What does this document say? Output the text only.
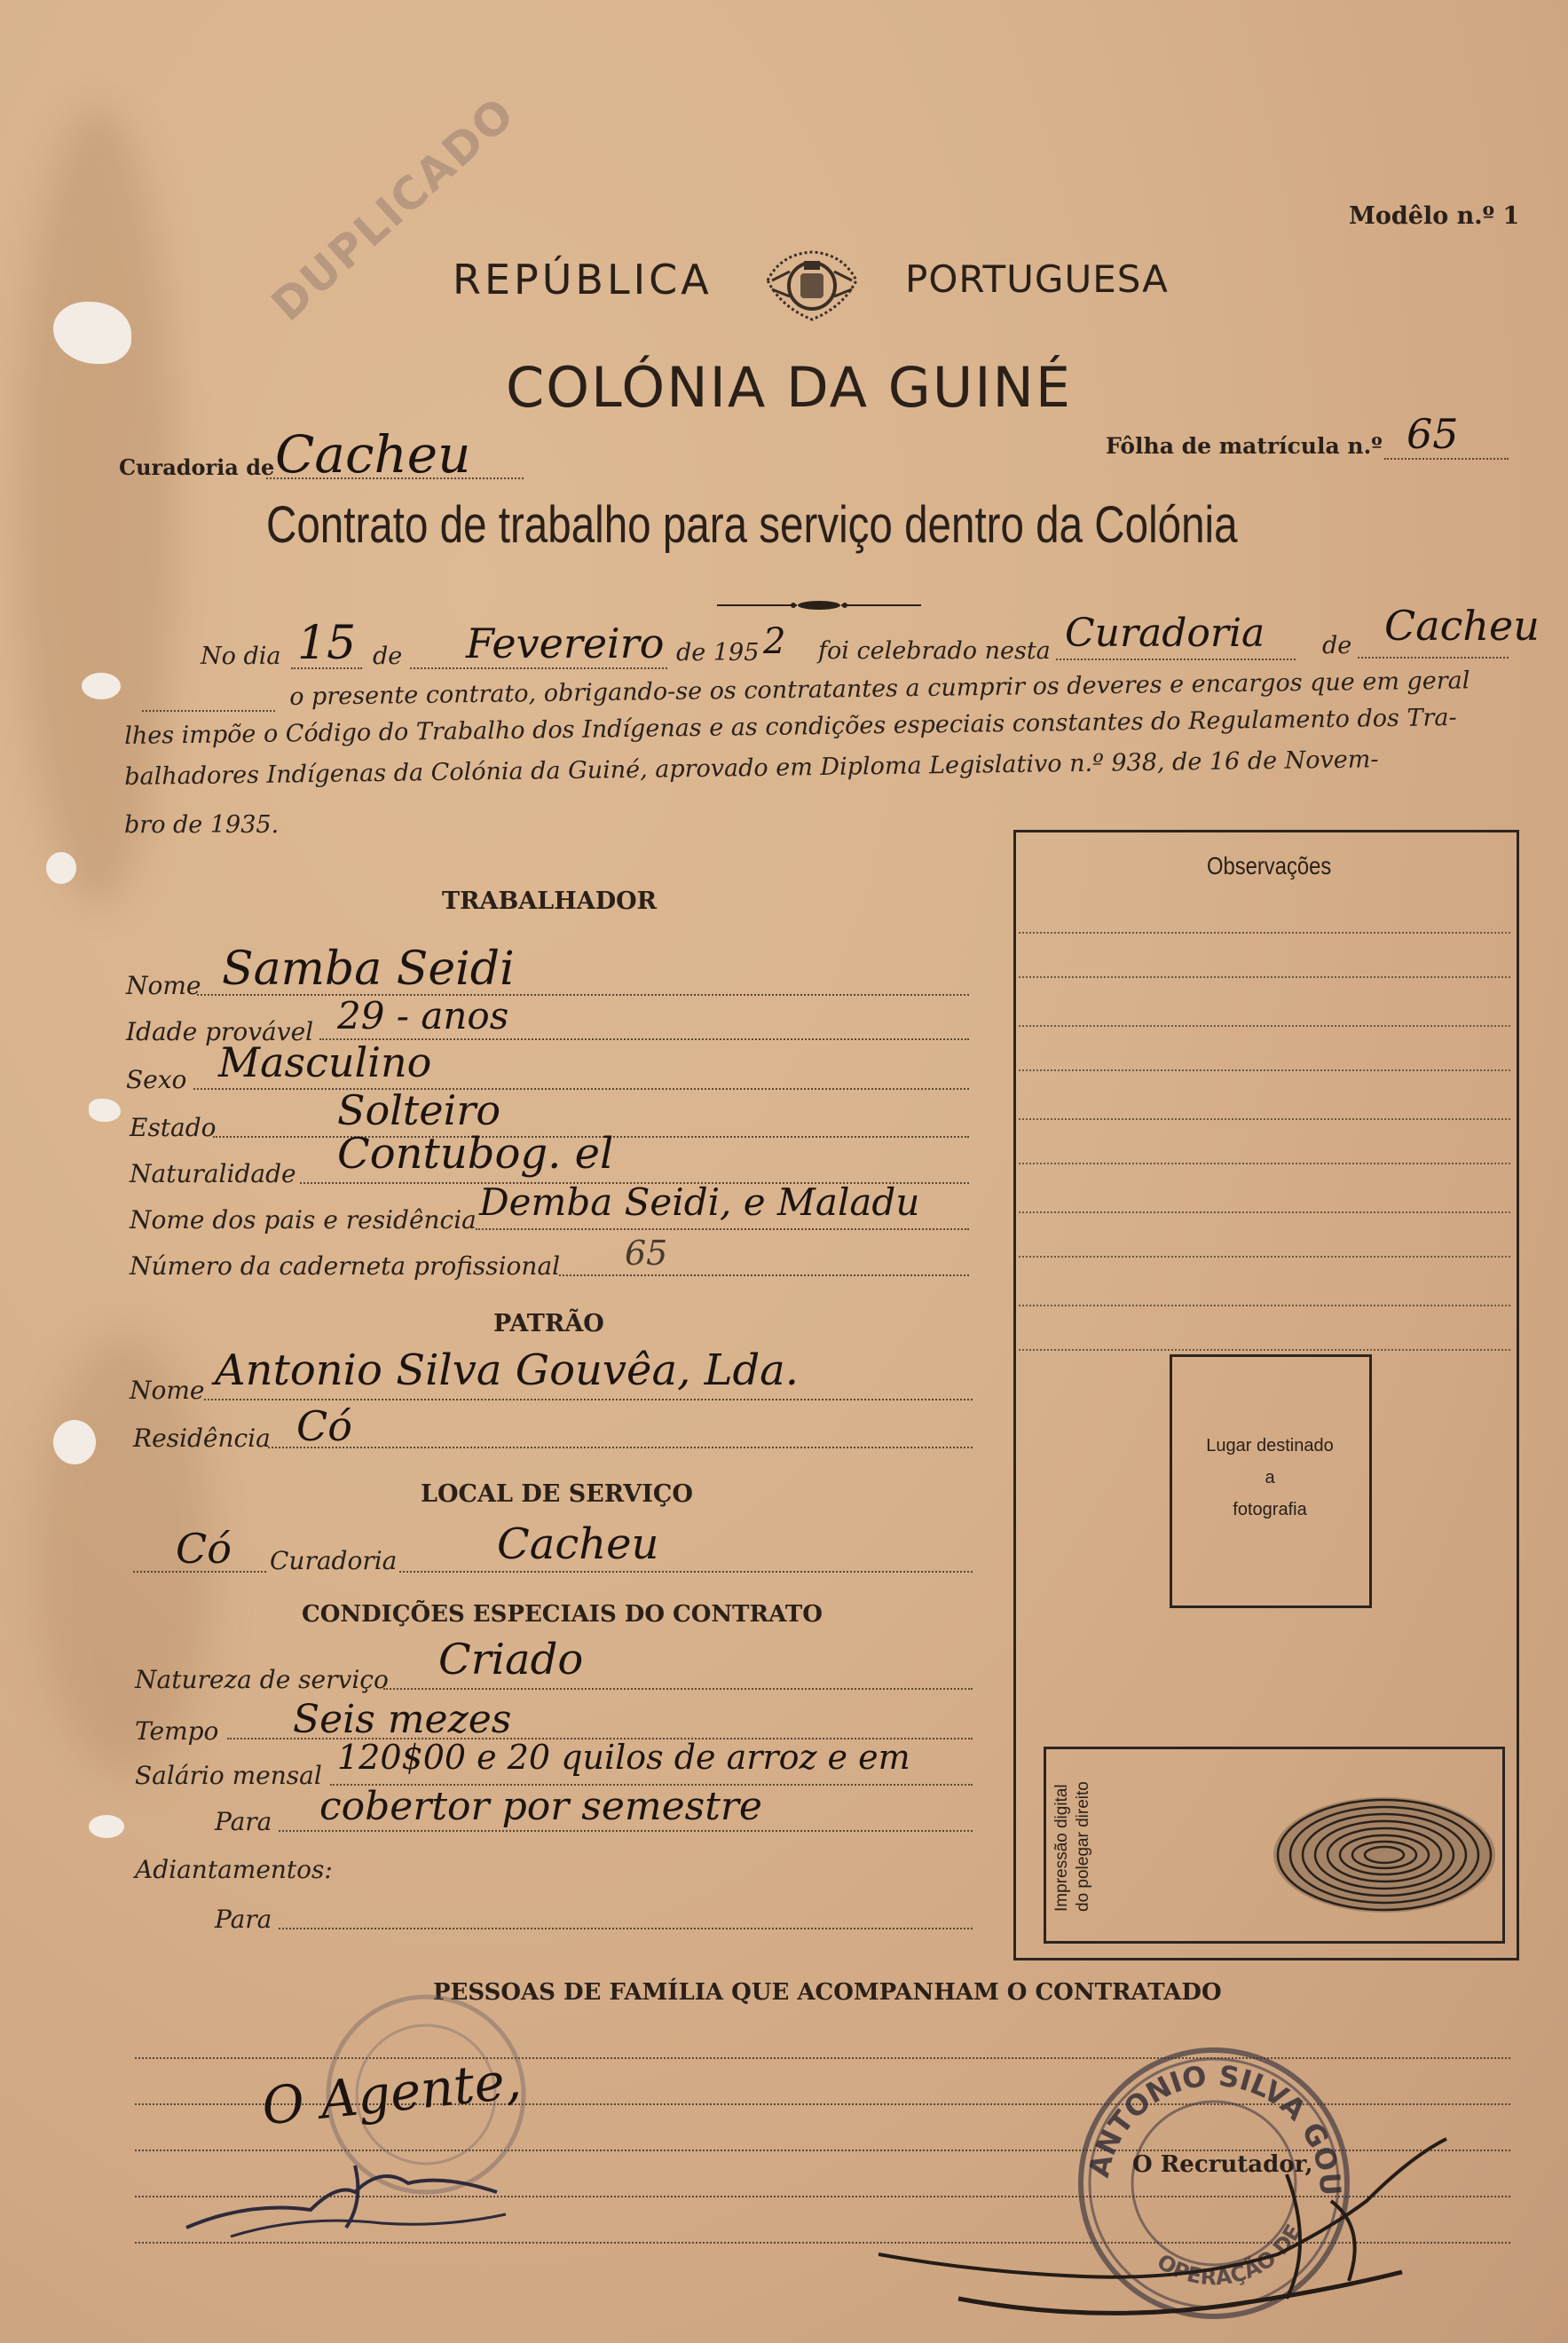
Modêlo n.º 1
DUPLICADO
REPÚBLICA	PORTUGUESA
COLÓNIA DA GUINÉ
Curadoria de Cacheu	Fôlha de matrícula n.º 65
Contrato de trabalho para serviço dentro da Colónia
No dia 15 de Fevereiro de 195 2 foi celebrado nesta Curadoria de Cacheu
o presente contrato, obrigando-se os contratantes a cumprir os deveres e encargos que em geral
lhes impõe o Código do Trabalho dos Indígenas e as condições especiais constantes do Regulamento dos Tra-
balhadores Indígenas da Colónia da Guiné, aprovado em Diploma Legislativo n.º 938, de 16 de Novem-
bro de 1935.
Observações
Lugar destinado
a
fotografia
Impressão digital do polegar direito
TRABALHADOR
Nome Samba Seidi
Idade provável 29 - anos
Sexo Masculino
Estado	Solteiro
Naturalidade Contubog. el
Nome dos pais e residência Demba Seidi, e Maladu
Número da caderneta profissional 65
PATRÃO
Nome Antonio Silva Gouvêa, Lda.
Residência Có
LOCAL DE SERVIÇO
Có Curadoria Cacheu
CONDIÇÕES ESPECIAIS DO CONTRATO
Natureza de serviço Criado
Tempo Seis mezes
Salário mensal 120$00 e 20 quilos de arroz e em
Para cobertor por semestre
Adiantamentos:
Para
PESSOAS DE FAMÍLIA QUE ACOMPANHAM O CONTRATADO
O Agente,
ANTONIO SILVA GOU
OPERAÇÃO DE
O Recrutador,
